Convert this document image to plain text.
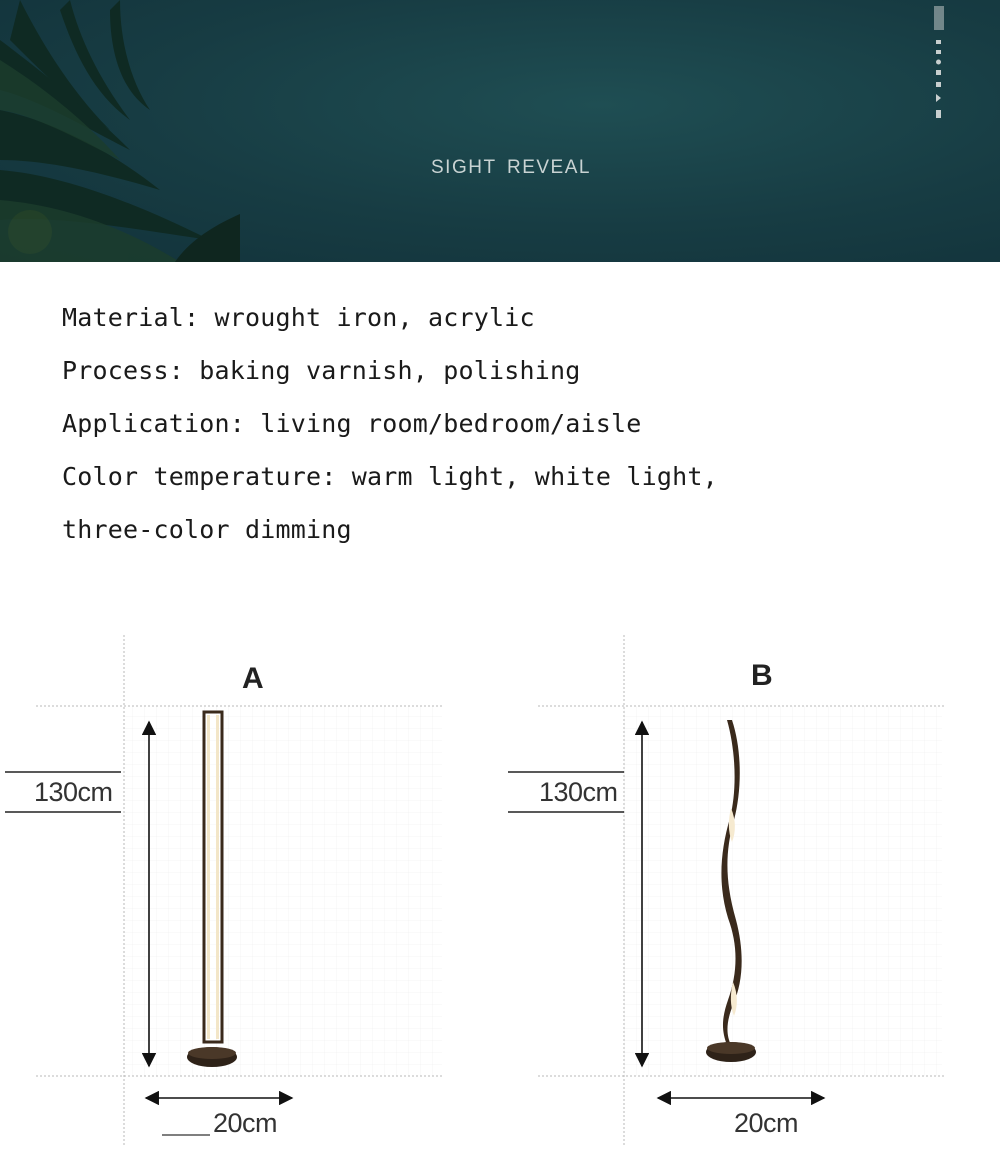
SIGHT REVEAL
Material: wrought iron, acrylic
Process: baking varnish, polishing
Application: living room/bedroom/aisle
Color temperature: warm light, white light,
three-color dimming
A	B
130cm	130cm
20cm	20cm
